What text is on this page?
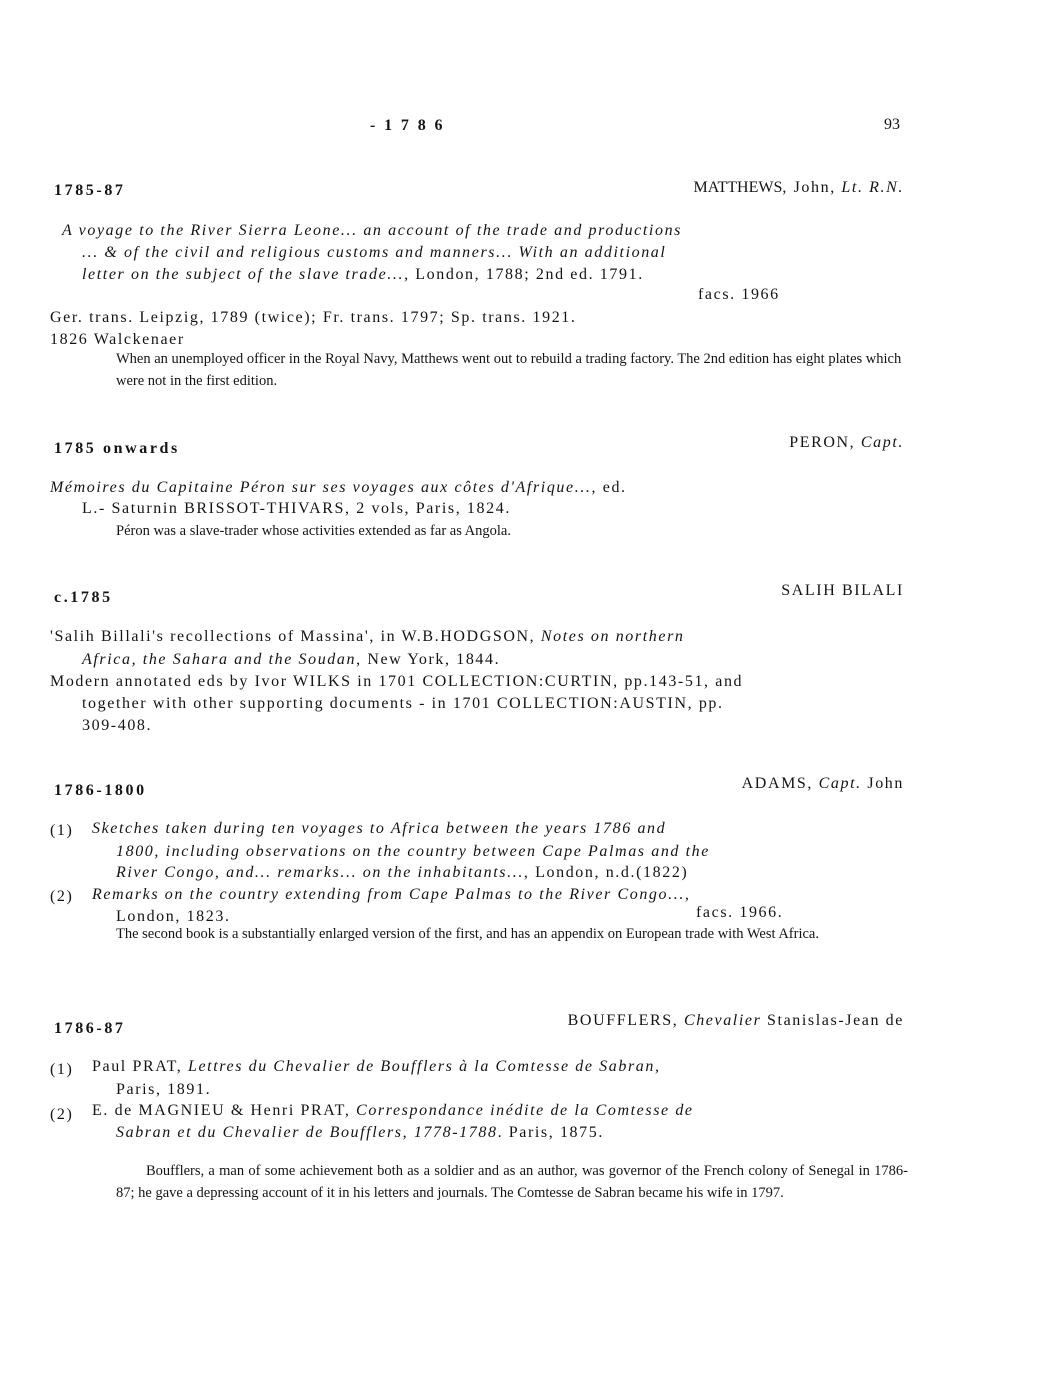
- 1 7 8 6	93
1785-87	MATTHEWS, John, Lt. R.N.
A voyage to the River Sierra Leone... an account of the trade and productions
... & of the civil and religious customs and manners... With an additional
letter on the subject of the slave trade..., London, 1788; 2nd ed. 1791.
facs. 1966
Ger. trans. Leipzig, 1789 (twice); Fr. trans. 1797; Sp. trans. 1921.
1826 Walckenaer
When an unemployed officer in the Royal Navy, Matthews went out to rebuild a trading factory. The 2nd edition has eight plates which were not in the first edition.
1785 onwards	PERON, Capt.
Mémoires du Capitaine Péron sur ses voyages aux côtes d'Afrique..., ed.
L.- Saturnin BRISSOT-THIVARS, 2 vols, Paris, 1824.
Péron was a slave-trader whose activities extended as far as Angola.
c.1785	SALIH BILALI
'Salih Billali's recollections of Massina', in W.B.HODGSON, Notes on northern
Africa, the Sahara and the Soudan, New York, 1844.
Modern annotated eds by Ivor WILKS in 1701 COLLECTION:CURTIN, pp.143-51, and
together with other supporting documents - in 1701 COLLECTION:AUSTIN, pp.
309-408.
1786-1800	ADAMS, Capt. John
(1) Sketches taken during ten voyages to Africa between the years 1786 and
1800, including observations on the country between Cape Palmas and the
River Congo, and... remarks... on the inhabitants..., London, n.d.(1822)
(2) Remarks on the country extending from Cape Palmas to the River Congo...,
London, 1823.	facs. 1966.
The second book is a substantially enlarged version of the first, and has an appendix on European trade with West Africa.
1786-87	BOUFFLERS, Chevalier Stanislas-Jean de
(1) Paul PRAT, Lettres du Chevalier de Boufflers à la Comtesse de Sabran,
Paris, 1891.
(2) E. de MAGNIEU & Henri PRAT, Correspondance inédite de la Comtesse de
Sabran et du Chevalier de Boufflers, 1778-1788. Paris, 1875.
Boufflers, a man of some achievement both as a soldier and as an author, was governor of the French colony of Senegal in 1786-87; he gave a depressing account of it in his letters and journals. The Comtesse de Sabran became his wife in 1797.
